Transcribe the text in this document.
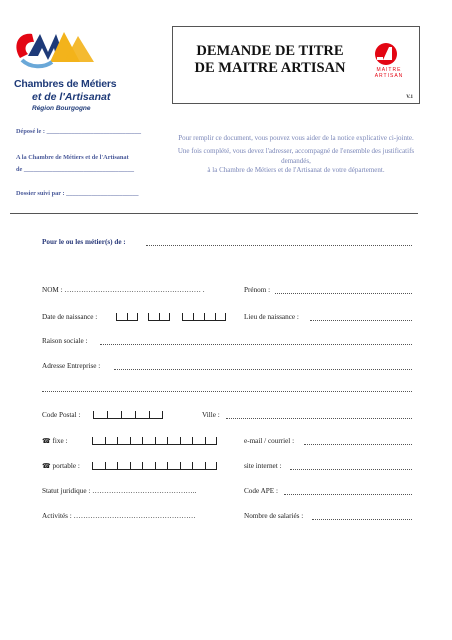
Chambres de Métiers
et de l'Artisanat
Région Bourgogne
DEMANDE DE TITRE
DE MAITRE ARTISAN	MAITRE
ARTISAN
V.1
Déposé le : ______________________________
A la Chambre de Métiers et de l'Artisanat
de ___________________________________
Dossier suivi par : _______________________

Pour remplir ce document, vous pouvez vous aider de la notice explicative ci-jointe.

Une fois complété, vous devez l'adresser, accompagné de l'ensemble des justificatifs demandés,

à la Chambre de Métiers et de l'Artisanat de votre département.

Pour le ou les métier(s) de :
NOM : ………………………………………………… .	Prénom :
Date de naissance :	Lieu de naissance :
Raison sociale :
Adresse Entreprise :
Code Postal :	Ville :
☎ fixe :	e-mail / courriel :
☎ portable :	site internet :
Statut juridique : ……………………………………..	Code APE :
Activités : ……………………………………………	Nombre de salariés :
